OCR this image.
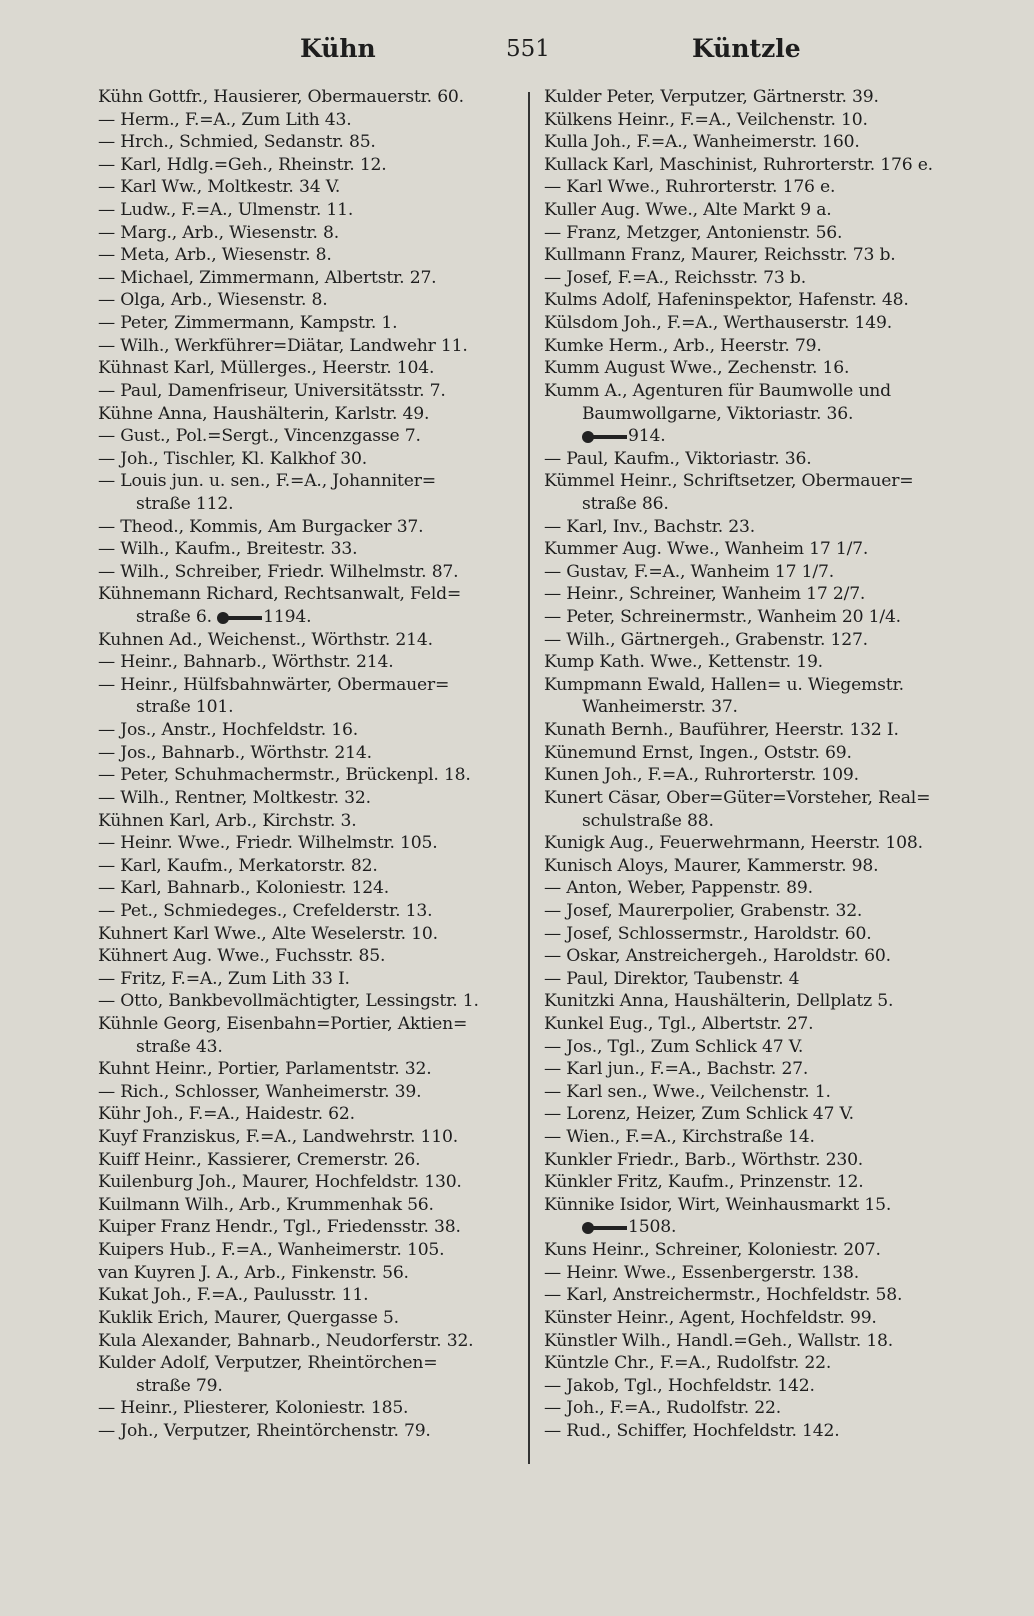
Kühn	551	Küntzle
Kühn Gottfr., Hausierer, Obermauerstr. 60.
— Herm., F.=A., Zum Lith 43.
— Hrch., Schmied, Sedanstr. 85.
— Karl, Hdlg.=Geh., Rheinstr. 12.
— Karl Ww., Moltkestr. 34 V.
— Ludw., F.=A., Ulmenstr. 11.
— Marg., Arb., Wiesenstr. 8.
— Meta, Arb., Wiesenstr. 8.
— Michael, Zimmermann, Albertstr. 27.
— Olga, Arb., Wiesenstr. 8.
— Peter, Zimmermann, Kampstr. 1.
— Wilh., Werkführer=Diätar, Landwehr 11.
Kühnast Karl, Müllerges., Heerstr. 104.
— Paul, Damenfriseur, Universitätsstr. 7.
Kühne Anna, Haushälterin, Karlstr. 49.
— Gust., Pol.=Sergt., Vincenzgasse 7.
— Joh., Tischler, Kl. Kalkhof 30.
— Louis jun. u. sen., F.=A., Johanniter=
straße 112.
— Theod., Kommis, Am Burgacker 37.
— Wilh., Kaufm., Breitestr. 33.
— Wilh., Schreiber, Friedr. Wilhelmstr. 87.
Kühnemann Richard, Rechtsanwalt, Feld=
straße 6.	1194.
Kuhnen Ad., Weichenst., Wörthstr. 214.
— Heinr., Bahnarb., Wörthstr. 214.
— Heinr., Hülfsbahnwärter, Obermauer=
straße 101.
— Jos., Anstr., Hochfeldstr. 16.
— Jos., Bahnarb., Wörthstr. 214.
— Peter, Schuhmachermstr., Brückenpl. 18.
— Wilh., Rentner, Moltkestr. 32.
Kühnen Karl, Arb., Kirchstr. 3.
— Heinr. Wwe., Friedr. Wilhelmstr. 105.
— Karl, Kaufm., Merkatorstr. 82.
— Karl, Bahnarb., Koloniestr. 124.
— Pet., Schmiedeges., Crefelderstr. 13.
Kuhnert Karl Wwe., Alte Weselerstr. 10.
Kühnert Aug. Wwe., Fuchsstr. 85.
— Fritz, F.=A., Zum Lith 33 I.
— Otto, Bankbevollmächtigter, Lessingstr. 1.
Kühnle Georg, Eisenbahn=Portier, Aktien=
straße 43.
Kuhnt Heinr., Portier, Parlamentstr. 32.
— Rich., Schlosser, Wanheimerstr. 39.
Kühr Joh., F.=A., Haidestr. 62.
Kuyf Franziskus, F.=A., Landwehrstr. 110.
Kuiff Heinr., Kassierer, Cremerstr. 26.
Kuilenburg Joh., Maurer, Hochfeldstr. 130.
Kuilmann Wilh., Arb., Krummenhak 56.
Kuiper Franz Hendr., Tgl., Friedensstr. 38.
Kuipers Hub., F.=A., Wanheimerstr. 105.
van Kuyren J. A., Arb., Finkenstr. 56.
Kukat Joh., F.=A., Paulusstr. 11.
Kuklik Erich, Maurer, Quergasse 5.
Kula Alexander, Bahnarb., Neudorferstr. 32.
Kulder Adolf, Verputzer, Rheintörchen=
straße 79.
— Heinr., Pliesterer, Koloniestr. 185.
— Joh., Verputzer, Rheintörchenstr. 79.
Kulder Peter, Verputzer, Gärtnerstr. 39.
Külkens Heinr., F.=A., Veilchenstr. 10.
Kulla Joh., F.=A., Wanheimerstr. 160.
Kullack Karl, Maschinist, Ruhrorterstr. 176 e.
— Karl Wwe., Ruhrorterstr. 176 e.
Kuller Aug. Wwe., Alte Markt 9 a.
— Franz, Metzger, Antonienstr. 56.
Kullmann Franz, Maurer, Reichsstr. 73 b.
— Josef, F.=A., Reichsstr. 73 b.
Kulms Adolf, Hafeninspektor, Hafenstr. 48.
Külsdom Joh., F.=A., Werthauserstr. 149.
Kumke Herm., Arb., Heerstr. 79.
Kumm August Wwe., Zechenstr. 16.
Kumm A., Agenturen für Baumwolle und
Baumwollgarne, Viktoriastr. 36.
914.
— Paul, Kaufm., Viktoriastr. 36.
Kümmel Heinr., Schriftsetzer, Obermauer=
straße 86.
— Karl, Inv., Bachstr. 23.
Kummer Aug. Wwe., Wanheim 17 1/7.
— Gustav, F.=A., Wanheim 17 1/7.
— Heinr., Schreiner, Wanheim 17 2/7.
— Peter, Schreinermstr., Wanheim 20 1/4.
— Wilh., Gärtnergeh., Grabenstr. 127.
Kump Kath. Wwe., Kettenstr. 19.
Kumpmann Ewald, Hallen= u. Wiegemstr.
Wanheimerstr. 37.
Kunath Bernh., Bauführer, Heerstr. 132 I.
Künemund Ernst, Ingen., Oststr. 69.
Kunen Joh., F.=A., Ruhrorterstr. 109.
Kunert Cäsar, Ober=Güter=Vorsteher, Real=
schulstraße 88.
Kunigk Aug., Feuerwehrmann, Heerstr. 108.
Kunisch Aloys, Maurer, Kammerstr. 98.
— Anton, Weber, Pappenstr. 89.
— Josef, Maurerpolier, Grabenstr. 32.
— Josef, Schlossermstr., Haroldstr. 60.
— Oskar, Anstreichergeh., Haroldstr. 60.
— Paul, Direktor, Taubenstr. 4
Kunitzki Anna, Haushälterin, Dellplatz 5.
Kunkel Eug., Tgl., Albertstr. 27.
— Jos., Tgl., Zum Schlick 47 V.
— Karl jun., F.=A., Bachstr. 27.
— Karl sen., Wwe., Veilchenstr. 1.
— Lorenz, Heizer, Zum Schlick 47 V.
— Wien., F.=A., Kirchstraße 14.
Kunkler Friedr., Barb., Wörthstr. 230.
Künkler Fritz, Kaufm., Prinzenstr. 12.
Künnike Isidor, Wirt, Weinhausmarkt 15.
1508.
Kuns Heinr., Schreiner, Koloniestr. 207.
— Heinr. Wwe., Essenbergerstr. 138.
— Karl, Anstreichermstr., Hochfeldstr. 58.
Künster Heinr., Agent, Hochfeldstr. 99.
Künstler Wilh., Handl.=Geh., Wallstr. 18.
Küntzle Chr., F.=A., Rudolfstr. 22.
— Jakob, Tgl., Hochfeldstr. 142.
— Joh., F.=A., Rudolfstr. 22.
— Rud., Schiffer, Hochfeldstr. 142.
